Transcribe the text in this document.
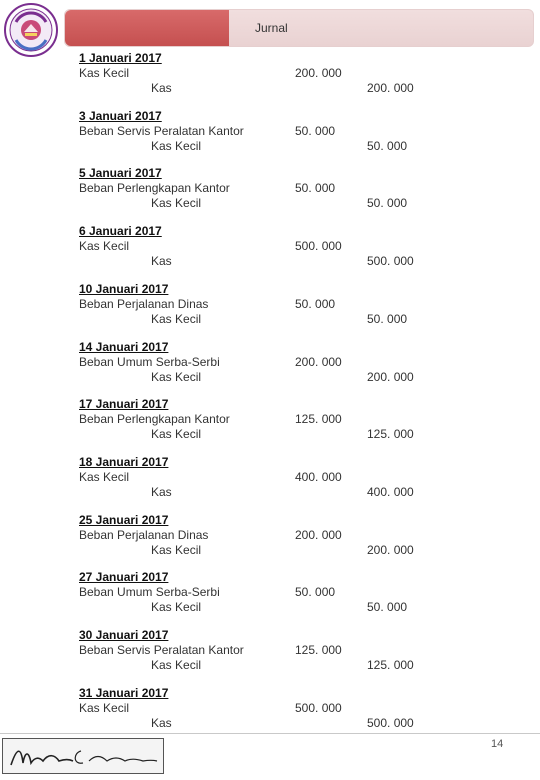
Jurnal
1 Januari 2017
Kas Kecil
Kas
200. 000
200. 000
3 Januari 2017
Beban Servis Peralatan Kantor
Kas Kecil
50. 000
50. 000
5 Januari 2017
Beban Perlengkapan Kantor
Kas Kecil
50. 000
50. 000
6 Januari 2017
Kas Kecil
Kas
500. 000
500. 000
10 Januari 2017
Beban Perjalanan Dinas
Kas Kecil
50. 000
50. 000
14 Januari 2017
Beban Umum Serba-Serbi
Kas Kecil
200. 000
200. 000
17 Januari 2017
Beban Perlengkapan Kantor
Kas Kecil
125. 000
125. 000
18 Januari 2017
Kas Kecil
Kas
400. 000
400. 000
25 Januari 2017
Beban Perjalanan Dinas
Kas Kecil
200. 000
200. 000
27 Januari 2017
Beban Umum Serba-Serbi
Kas Kecil
50. 000
50. 000
30 Januari 2017
Beban Servis Peralatan Kantor
Kas Kecil
125. 000
125. 000
31 Januari 2017
Kas Kecil
Kas
500. 000
500. 000
14
